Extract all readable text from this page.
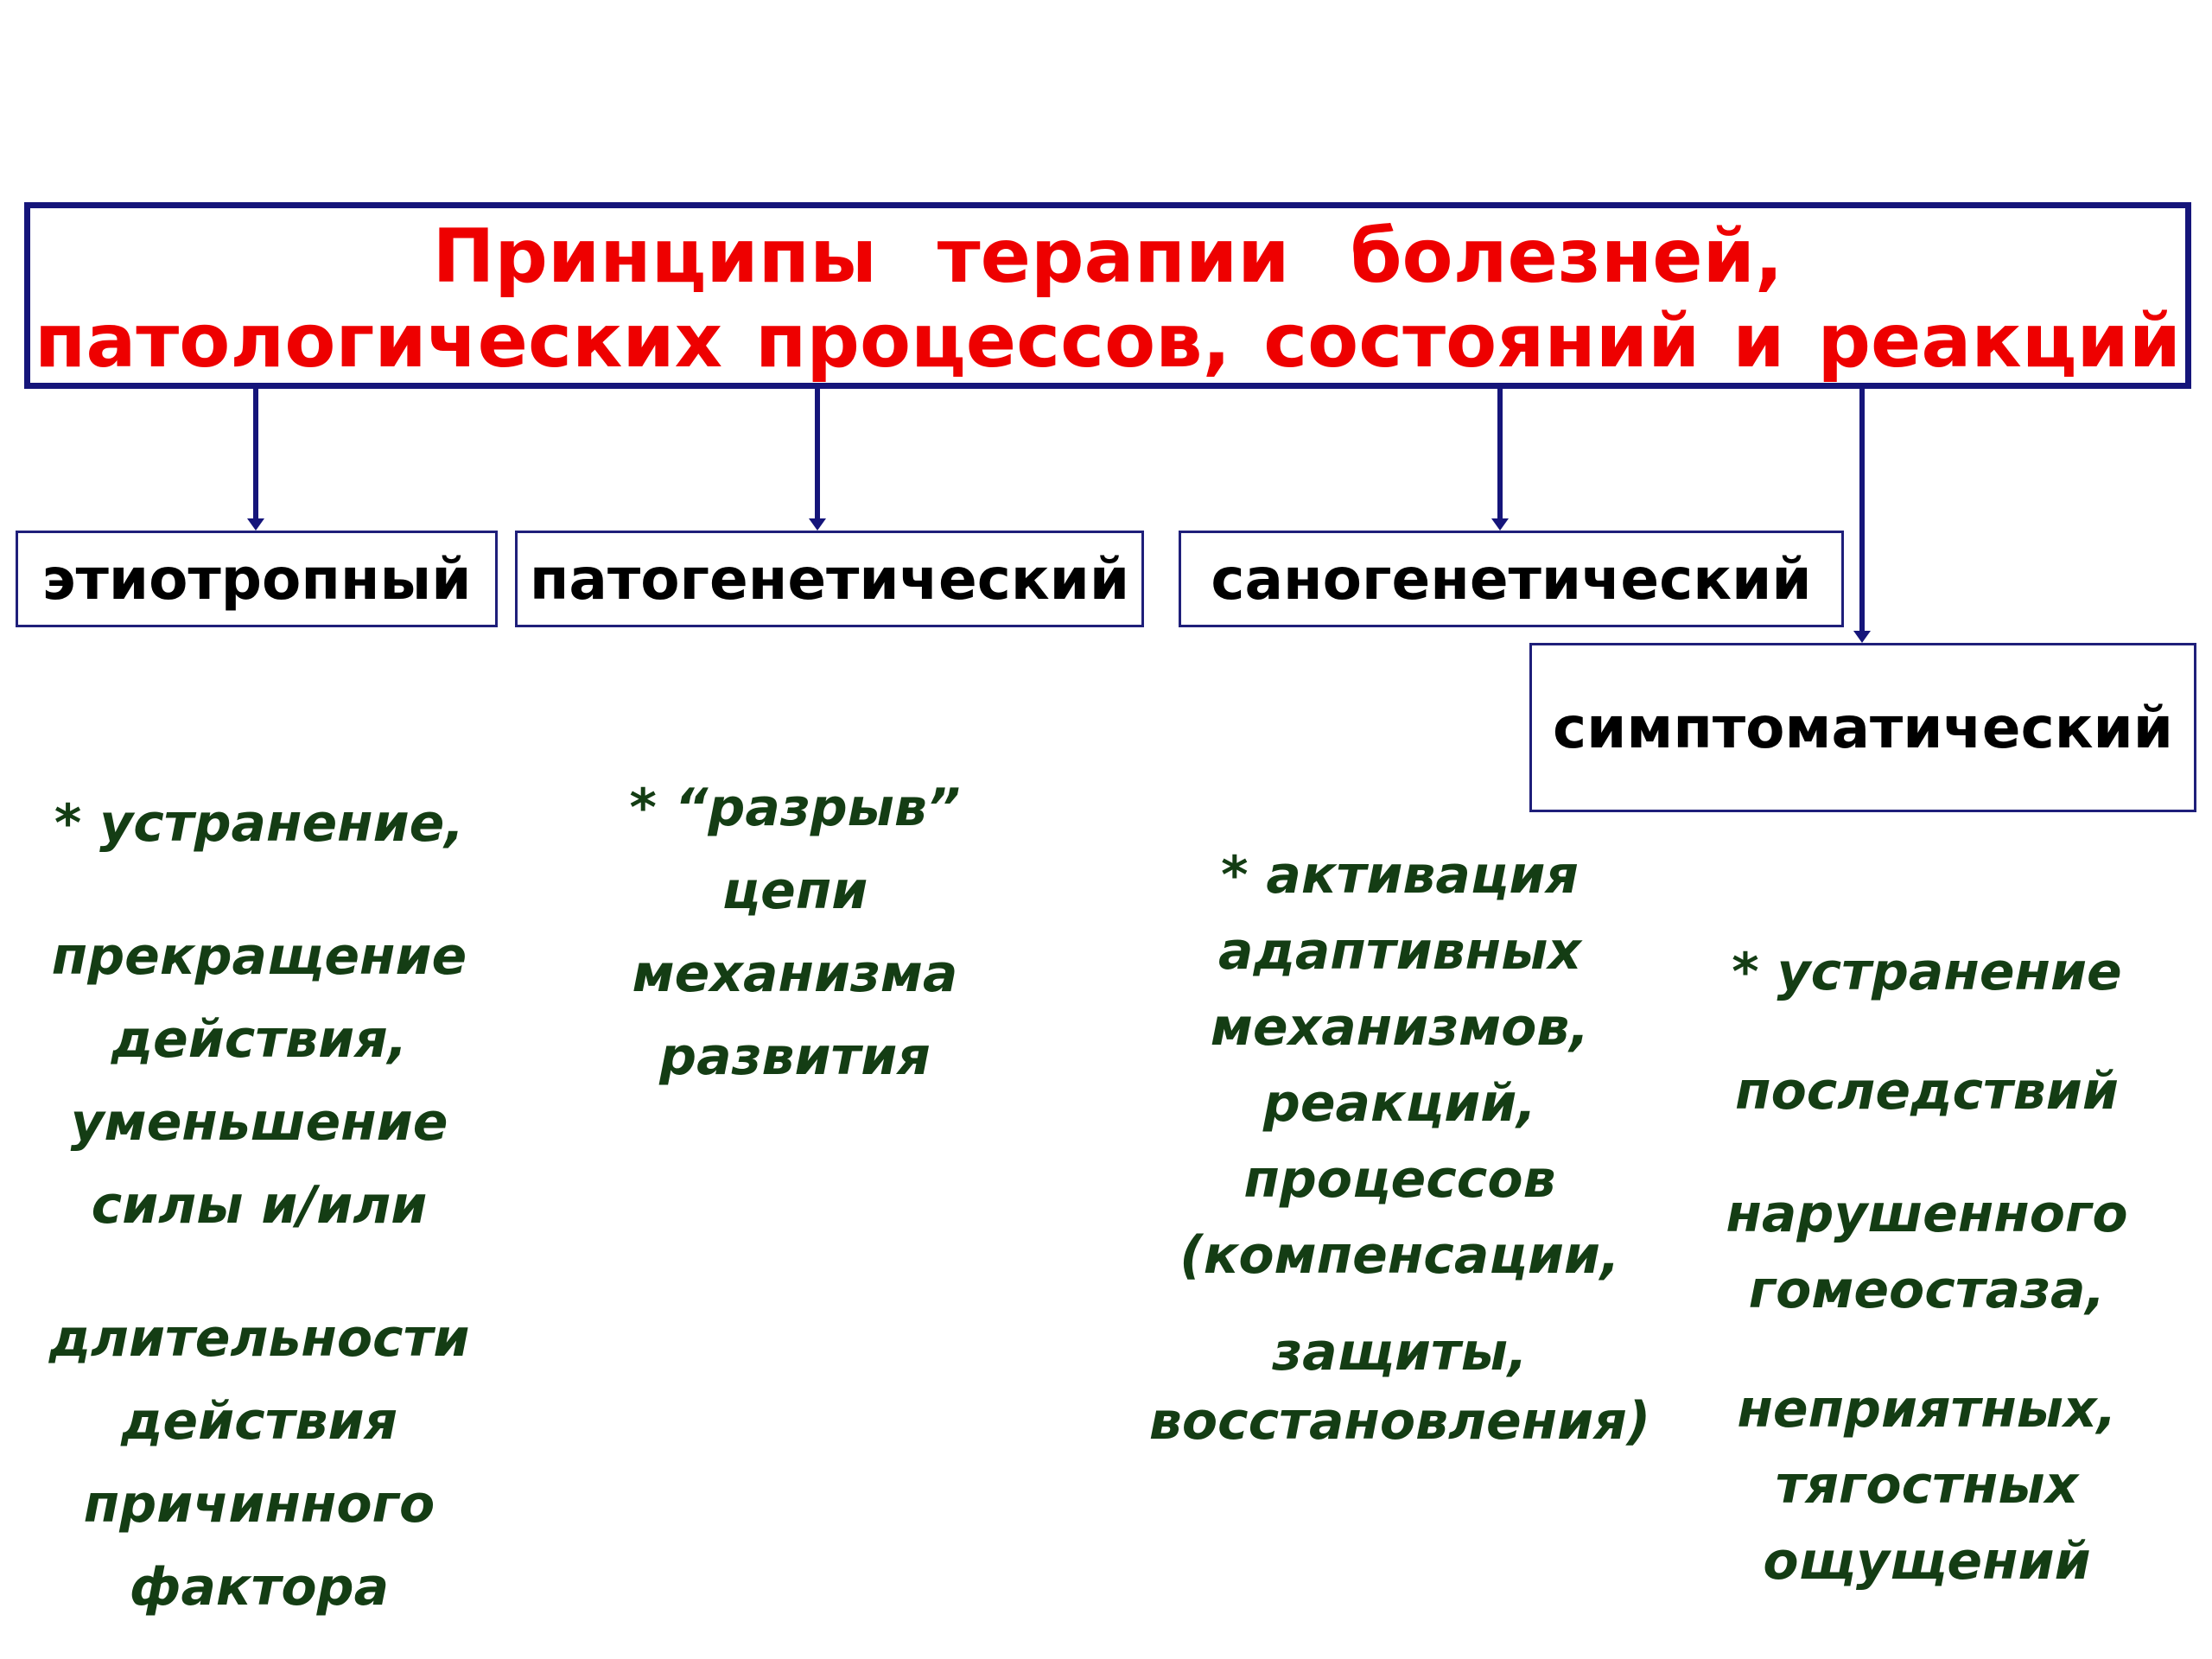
Принципы терапии болезней,
патологических процессов, состояний и реакций
этиотропный	патогенетический	саногенетический
симптоматический
* устранение,
прекращение
действия,
уменьшение
силы и/или
длительности
действия
причинного
фактора
* “разрыв”
цепи
механизма
развития
* активация
адаптивных
механизмов,
реакций,
процессов
(компенсации,
защиты,
восстановления)
* устранение
последствий
нарушенного
гомеостаза,
неприятных,
тягостных
ощущений
